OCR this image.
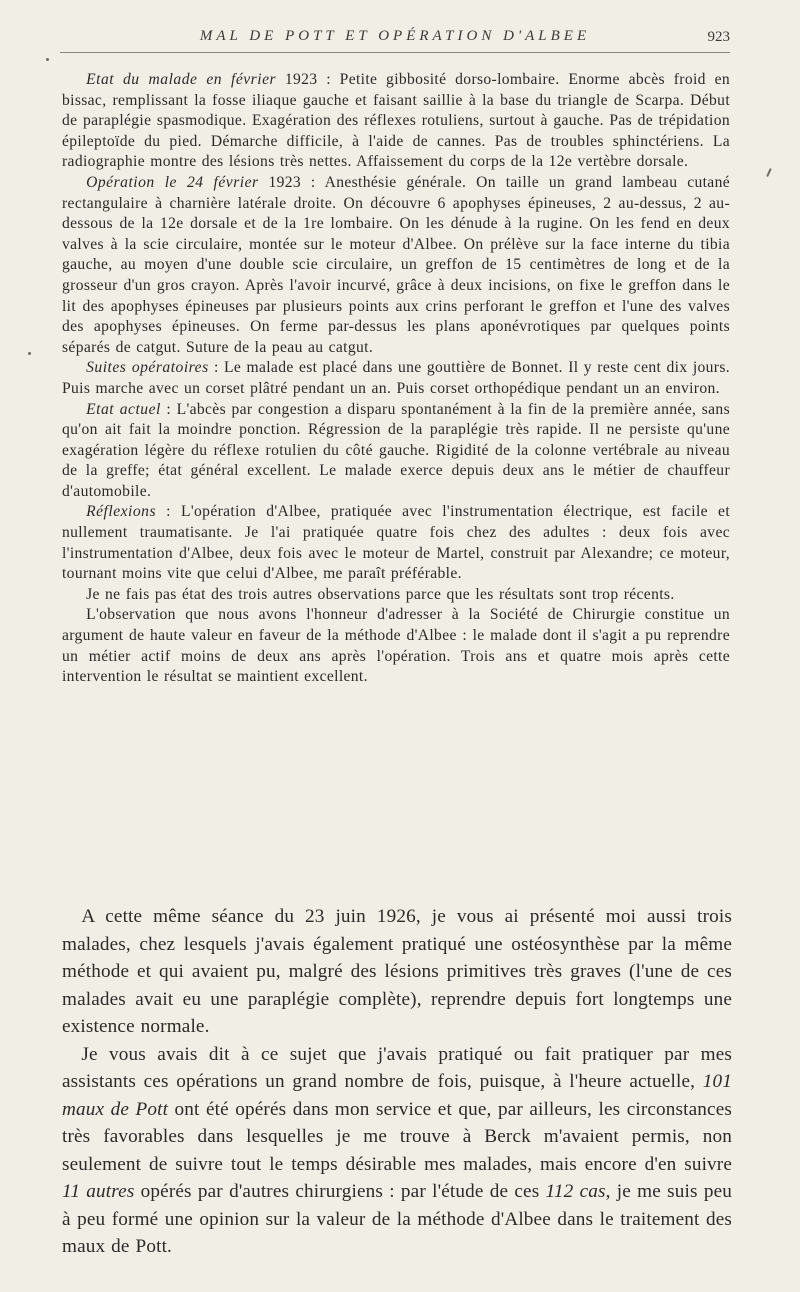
MAL DE POTT ET OPÉRATION D'ALBEE	923

  Etat du malade en février 1923 : Petite gibbosité dorso-lombaire. Enorme abcès froid en bissac, remplissant la fosse iliaque gauche et faisant saillie à la base du triangle de Scarpa. Début de paraplégie spasmodique. Exagération des réflexes rotuliens, surtout à gauche. Pas de trépidation épileptoïde du pied. Démarche difficile, à l'aide de cannes. Pas de troubles sphinctériens. La radiographie montre des lésions très nettes. Affaissement du corps de la 12e vertèbre dorsale.

  Opération le 24 février 1923 : Anesthésie générale. On taille un grand lambeau cutané rectangulaire à charnière latérale droite. On découvre 6 apophyses épineuses, 2 au-dessus, 2 au-dessous de la 12e dorsale et de la 1re lombaire. On les dénude à la rugine. On les fend en deux valves à la scie circulaire, montée sur le moteur d'Albee. On prélève sur la face interne du tibia gauche, au moyen d'une double scie circulaire, un greffon de 15 centimètres de long et de la grosseur d'un gros crayon. Après l'avoir incurvé, grâce à deux incisions, on fixe le greffon dans le lit des apophyses épineuses par plusieurs points aux crins perforant le greffon et l'une des valves des apophyses épineuses. On ferme par-dessus les plans aponévrotiques par quelques points séparés de catgut. Suture de la peau au catgut.

  Suites opératoires : Le malade est placé dans une gouttière de Bonnet. Il y reste cent dix jours. Puis marche avec un corset plâtré pendant un an. Puis corset orthopédique pendant un an environ.

  Etat actuel : L'abcès par congestion a disparu spontanément à la fin de la première année, sans qu'on ait fait la moindre ponction. Régression de la paraplégie très rapide. Il ne persiste qu'une exagération légère du réflexe rotulien du côté gauche. Rigidité de la colonne vertébrale au niveau de la greffe; état général excellent. Le malade exerce depuis deux ans le métier de chauffeur d'automobile.

  Réflexions : L'opération d'Albee, pratiquée avec l'instrumentation électrique, est facile et nullement traumatisante. Je l'ai pratiquée quatre fois chez des adultes : deux fois avec l'instrumentation d'Albee, deux fois avec le moteur de Martel, construit par Alexandre; ce moteur, tournant moins vite que celui d'Albee, me paraît préférable.

  Je ne fais pas état des trois autres observations parce que les résultats sont trop récents.

  L'observation que nous avons l'honneur d'adresser à la Société de Chirurgie constitue un argument de haute valeur en faveur de la méthode d'Albee : le malade dont il s'agit a pu reprendre un métier actif moins de deux ans après l'opération. Trois ans et quatre mois après cette intervention le résultat se maintient excellent.

 A cette même séance du 23 juin 1926, je vous ai présenté moi aussi trois malades, chez lesquels j'avais également pratiqué une ostéosynthèse par la même méthode et qui avaient pu, malgré des lésions primitives très graves (l'une de ces malades avait eu une paraplégie complète), reprendre depuis fort longtemps une existence normale.

 Je vous avais dit à ce sujet que j'avais pratiqué ou fait pratiquer par mes assistants ces opérations un grand nombre de fois, puisque, à l'heure actuelle, 101 maux de Pott ont été opérés dans mon service et que, par ailleurs, les circonstances très favorables dans lesquelles je me trouve à Berck m'avaient permis, non seulement de suivre tout le temps désirable mes malades, mais encore d'en suivre 11 autres opérés par d'autres chirurgiens : par l'étude de ces 112 cas, je me suis peu à peu formé une opinion sur la valeur de la méthode d'Albee dans le traitement des maux de Pott.
